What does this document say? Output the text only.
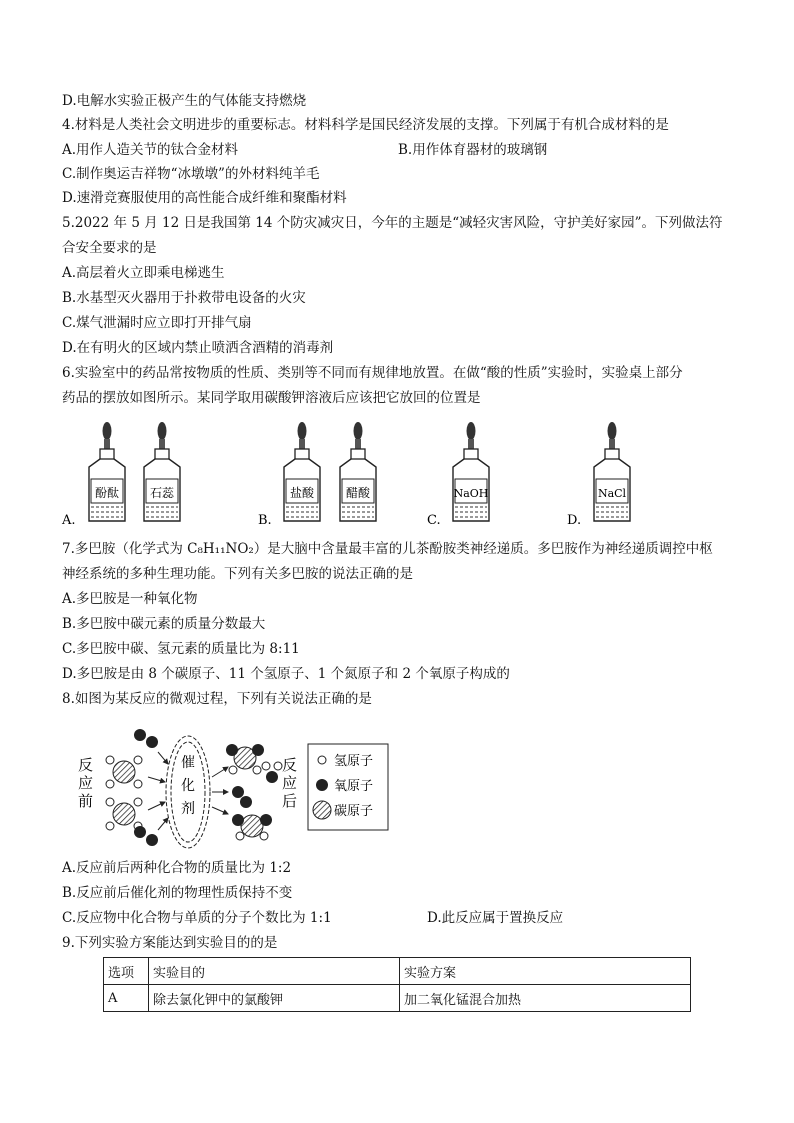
D.电解水实验正极产生的气体能支持燃烧
4.材料是人类社会文明进步的重要标志。材料科学是国民经济发展的支撑。下列属于有机合成材料的是
A.用作人造关节的钛合金材料	B.用作体育器材的玻璃钢
C.制作奥运吉祥物“冰墩墩”的外材料纯羊毛
D.速滑竞赛服使用的高性能合成纤维和聚酯材料
5.2022 年 5 月 12 日是我国第 14 个防灾减灾日，今年的主题是“减轻灾害风险，守护美好家园”。下列做法符
合安全要求的是
A.高层着火立即乘电梯逃生
B.水基型灭火器用于扑救带电设备的火灾
C.煤气泄漏时应立即打开排气扇
D.在有明火的区域内禁止喷洒含酒精的消毒剂
6.实验室中的药品常按物质的性质、类别等不同而有规律地放置。在做“酸的性质”实验时，实验桌上部分
药品的摆放如图所示。某同学取用碳酸钾溶液后应该把它放回的位置是
酚酞	石蕊	盐酸	醋酸	NaOH	NaCl
A.	B.	C.	D.
7.多巴胺（化学式为 C₈H₁₁NO₂）是大脑中含量最丰富的儿茶酚胺类神经递质。多巴胺作为神经递质调控中枢
神经系统的多种生理功能。下列有关多巴胺的说法正确的是
A.多巴胺是一种氧化物
B.多巴胺中碳元素的质量分数最大
C.多巴胺中碳、氢元素的质量比为 8:11
D.多巴胺是由 8 个碳原子、11 个氢原子、1 个氮原子和 2 个氧原子构成的
8.如图为某反应的微观过程，下列有关说法正确的是
反
应
前
催
化
剂
反
应
后
氢原子
氧原子
碳原子
A.反应前后两种化合物的质量比为 1:2
B.反应前后催化剂的物理性质保持不变
C.反应物中化合物与单质的分子个数比为 1:1	D.此反应属于置换反应
9.下列实验方案能达到实验目的的是
选项	实验目的	实验方案
A	除去氯化钾中的氯酸钾	加二氧化锰混合加热
